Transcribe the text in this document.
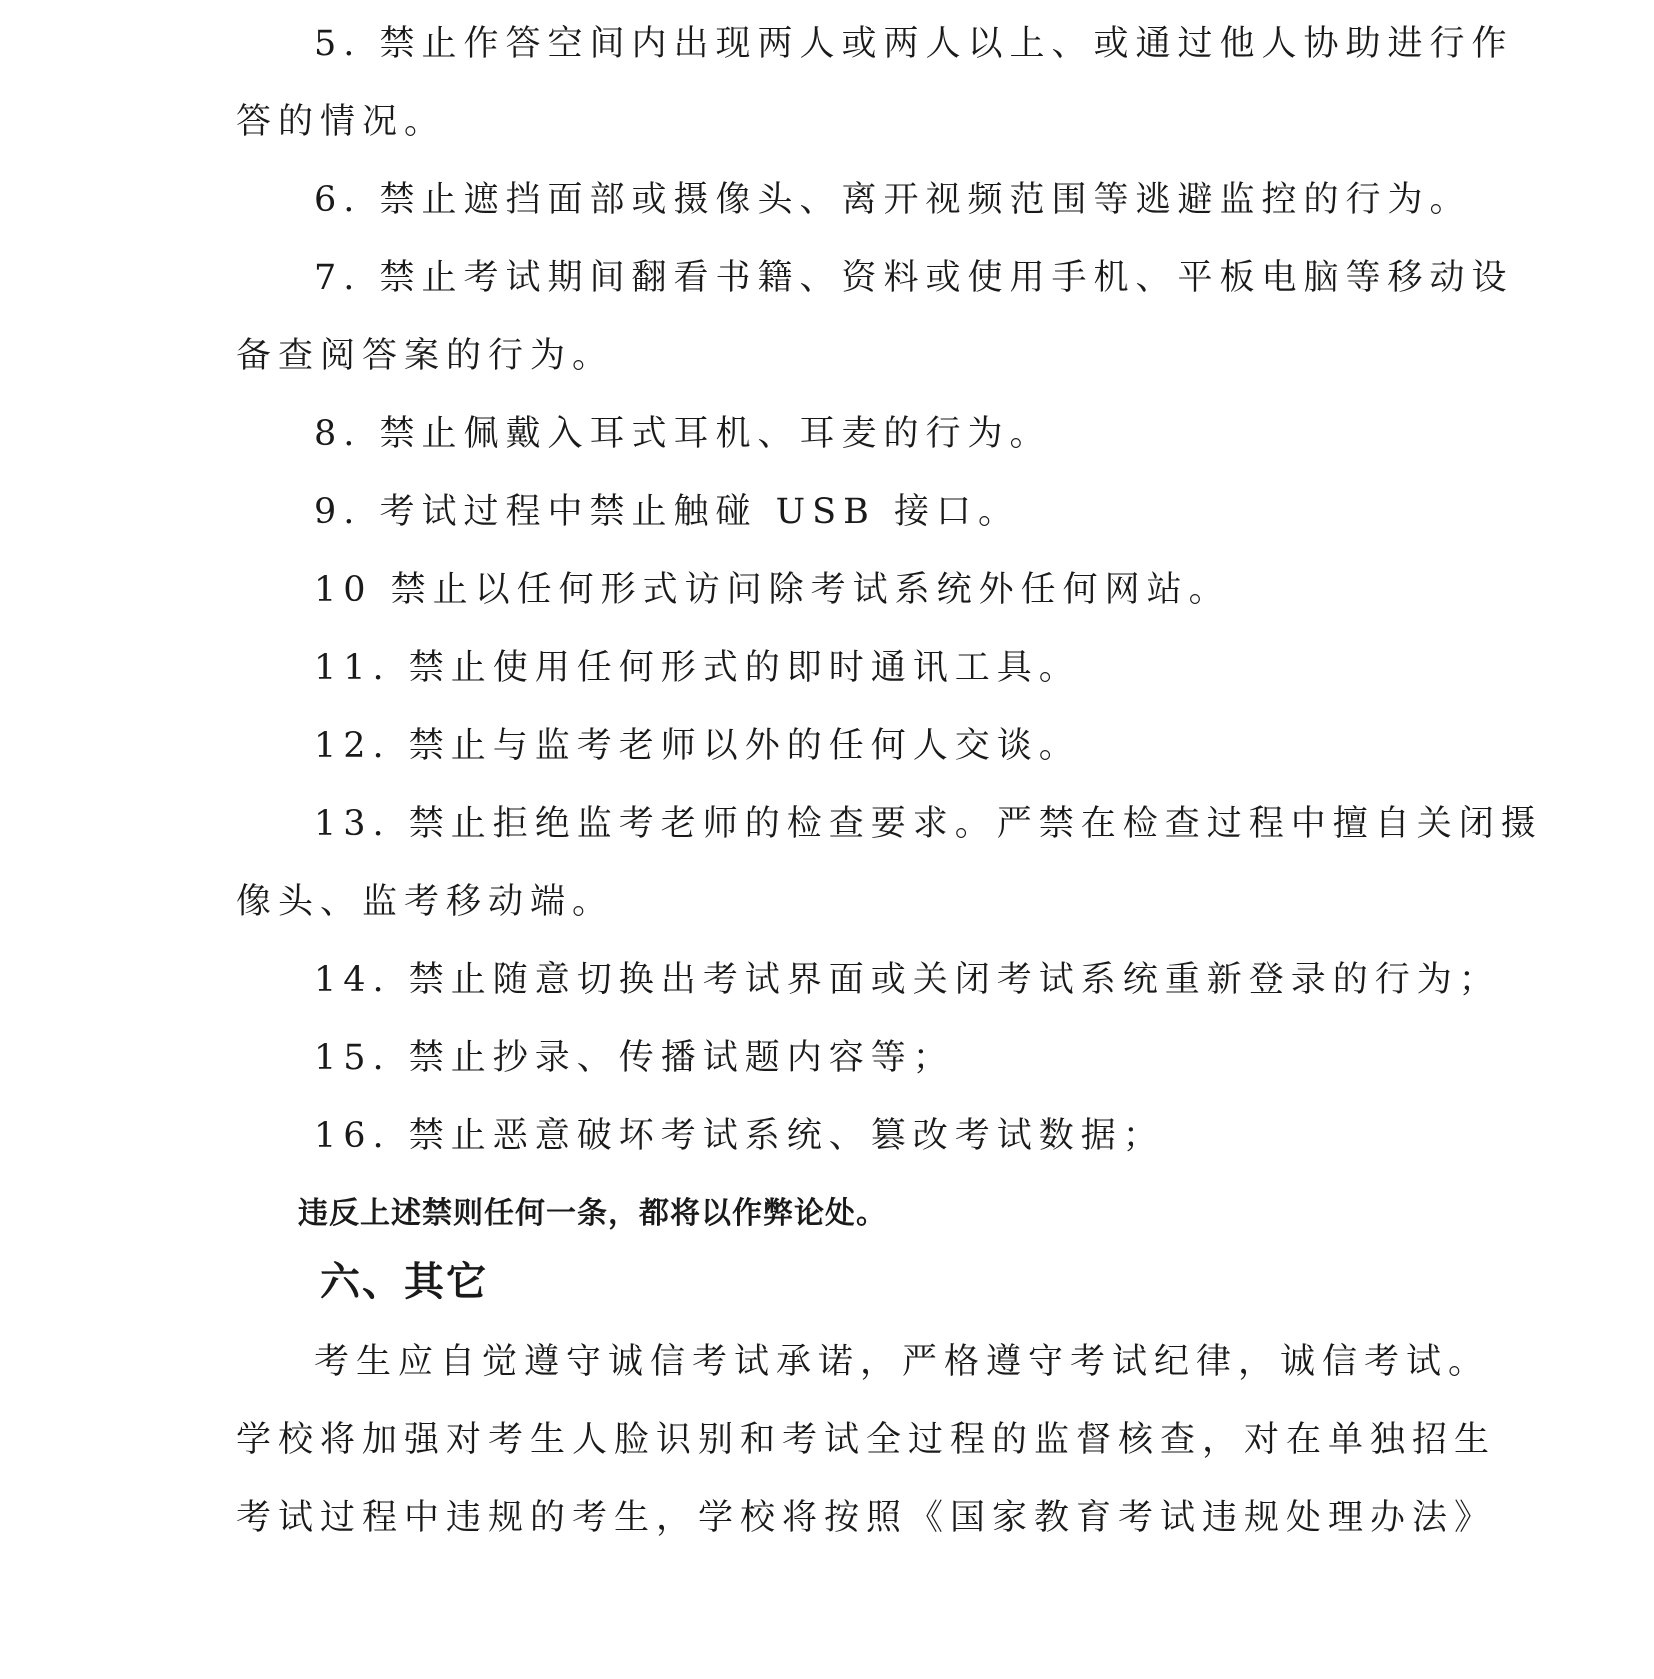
5. 禁止作答空间内出现两人或两人以上、或通过他人协助进行作

答的情况。

6. 禁止遮挡面部或摄像头、离开视频范围等逃避监控的行为。

7. 禁止考试期间翻看书籍、资料或使用手机、平板电脑等移动设

备查阅答案的行为。

8. 禁止佩戴入耳式耳机、耳麦的行为。

9. 考试过程中禁止触碰 USB 接口。

10 禁止以任何形式访问除考试系统外任何网站。

11. 禁止使用任何形式的即时通讯工具。

12. 禁止与监考老师以外的任何人交谈。

13. 禁止拒绝监考老师的检查要求。严禁在检查过程中擅自关闭摄

像头、监考移动端。

14. 禁止随意切换出考试界面或关闭考试系统重新登录的行为；

15. 禁止抄录、传播试题内容等；

16. 禁止恶意破坏考试系统、篡改考试数据；

违反上述禁则任何一条，都将以作弊论处。

六、其它

考生应自觉遵守诚信考试承诺，严格遵守考试纪律，诚信考试。

学校将加强对考生人脸识别和考试全过程的监督核查，对在单独招生

考试过程中违规的考生，学校将按照《国家教育考试违规处理办法》
